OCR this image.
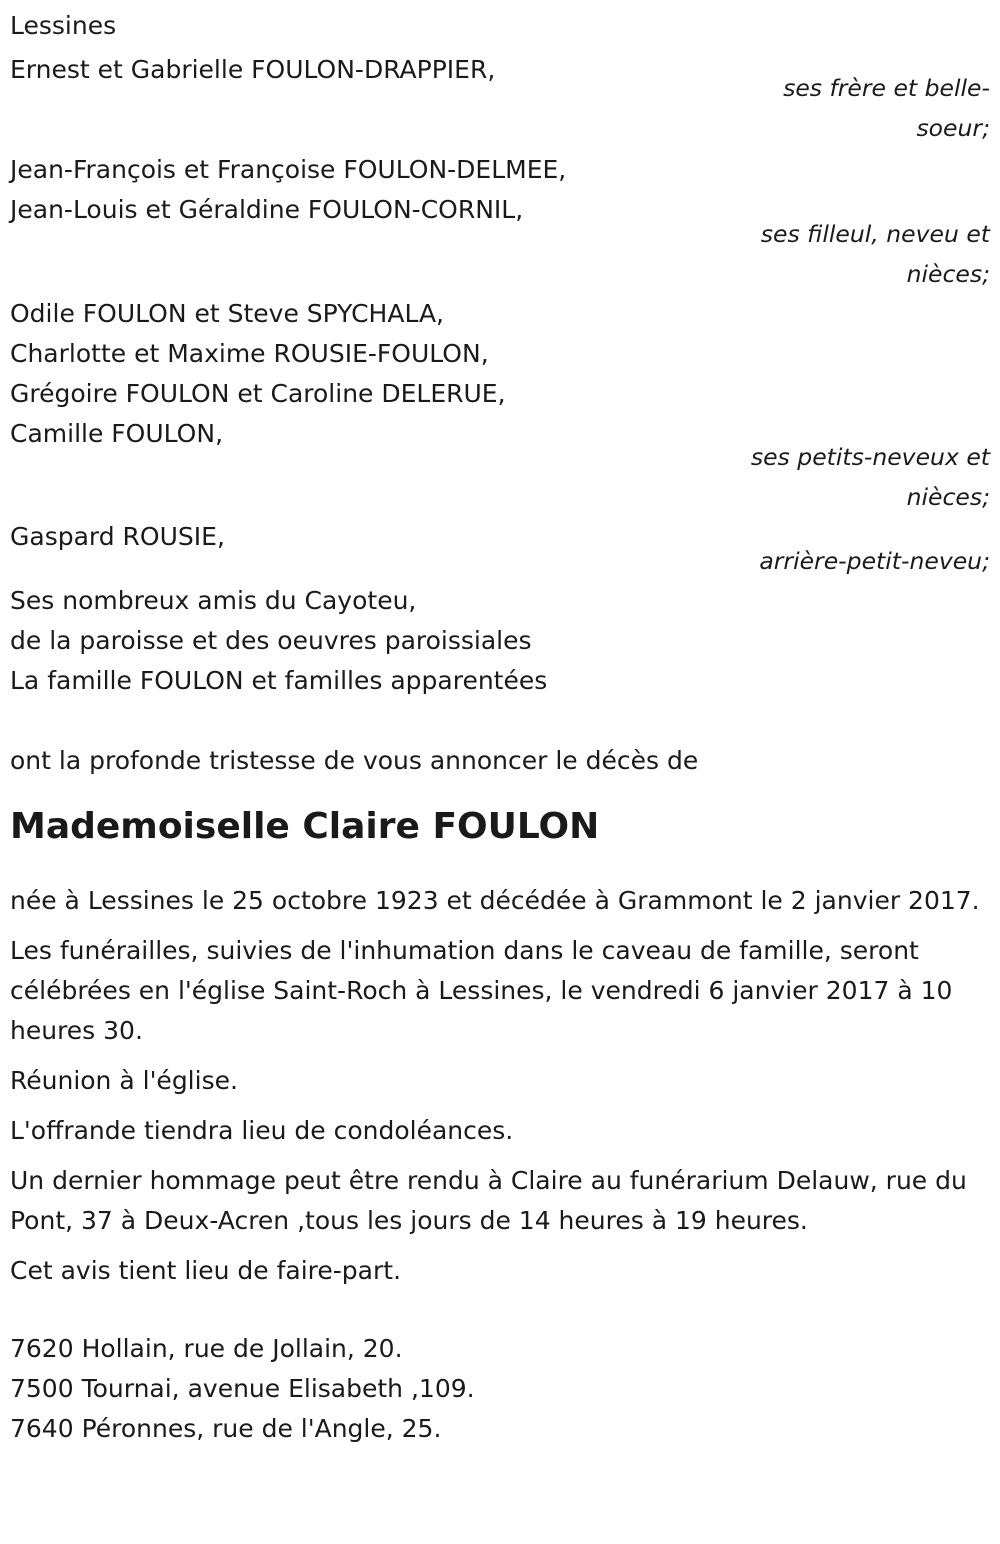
Lessines
Ernest et Gabrielle FOULON-DRAPPIER,
ses frère et belle-
soeur;
Jean-François et Françoise FOULON-DELMEE,
Jean-Louis et Géraldine FOULON-CORNIL,
ses filleul, neveu et
nièces;
Odile FOULON et Steve SPYCHALA,
Charlotte et Maxime ROUSIE-FOULON,
Grégoire FOULON et Caroline DELERUE,
Camille FOULON,
ses petits-neveux et
nièces;
Gaspard ROUSIE,
arrière-petit-neveu;
Ses nombreux amis du Cayoteu,
de la paroisse et des oeuvres paroissiales
La famille FOULON et familles apparentées
ont la profonde tristesse de vous annoncer le décès de
Mademoiselle Claire FOULON
née à Lessines le 25 octobre 1923 et décédée à Grammont le 2 janvier 2017.
Les funérailles, suivies de l'inhumation dans le caveau de famille, seront célébrées en l'église Saint-Roch à Lessines, le vendredi 6 janvier 2017 à 10 heures 30.
Réunion à l'église.
L'offrande tiendra lieu de condoléances.
Un dernier hommage peut être rendu à Claire au funérarium Delauw, rue du Pont, 37 à Deux-Acren ,tous les jours de 14 heures à 19 heures.
Cet avis tient lieu de faire-part.
7620 Hollain, rue de Jollain, 20.
7500 Tournai, avenue Elisabeth ,109.
7640 Péronnes, rue de l'Angle, 25.
